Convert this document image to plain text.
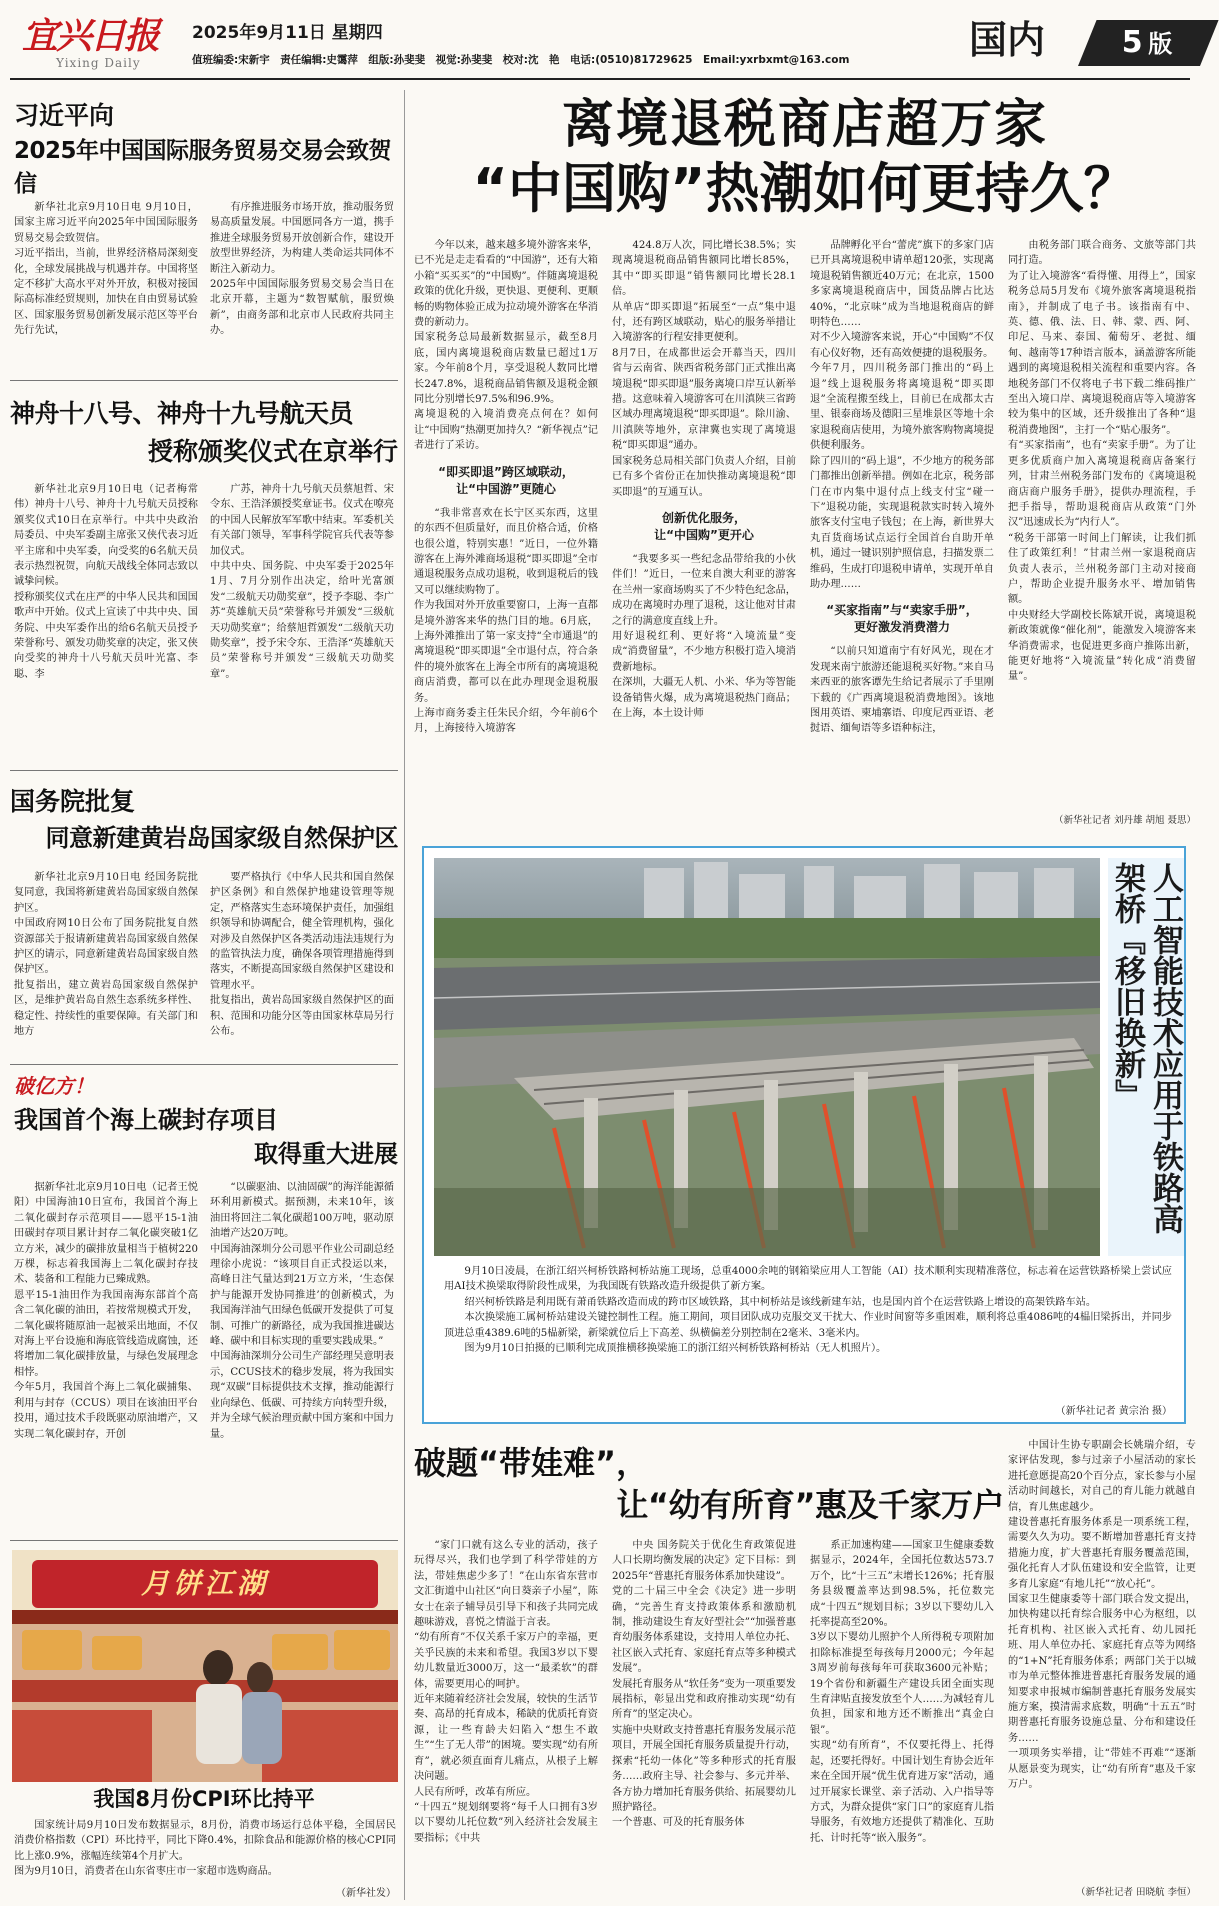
宜兴日报
Yixing Daily
2025年9月11日 星期四
值班编委:宋新宇　责任编辑:史霭萍　组版:孙斐斐　视觉:孙斐斐　校对:沈　艳　电话:(0510)81729625　Email:yxrbxmt@163.com	国内	5 版
习近平向
2025年中国国际服务贸易交易会致贺信

新华社北京9月10日电 9月10日，国家主席习近平向2025年中国国际服务贸易交易会致贺信。
习近平指出，当前，世界经济格局深刻变化，全球发展挑战与机遇并存。中国将坚定不移扩大高水平对外开放，积极对接国际高标准经贸规则，加快在自由贸易试验区、国家服务贸易创新发展示范区等平台先行先试，

有序推进服务市场开放，推动服务贸易高质量发展。中国愿同各方一道，携手推进全球服务贸易开放创新合作，建设开放型世界经济，为构建人类命运共同体不断注入新动力。
2025年中国国际服务贸易交易会当日在北京开幕，主题为“数智赋航，服贸焕新”，由商务部和北京市人民政府共同主办。

神舟十八号、神舟十九号航天员
授称颁奖仪式在京举行

新华社北京9月10日电（记者梅常伟）神舟十八号、神舟十九号航天员授称颁奖仪式10日在京举行。中共中央政治局委员、中央军委副主席张又侠代表习近平主席和中央军委，向受奖的6名航天员表示热烈祝贺，向航天战线全体同志致以诚挚问候。
授称颁奖仪式在庄严的中华人民共和国国歌声中开始。仪式上宣读了中共中央、国务院、中央军委作出的给6名航天员授予荣誉称号、颁发功勋奖章的决定，张又侠向受奖的神舟十八号航天员叶光富、李聪、李

广苏，神舟十九号航天员蔡旭哲、宋令东、王浩泽颁授奖章证书。仪式在嘹亮的中国人民解放军军歌中结束。军委机关有关部门领导，军事科学院官兵代表等参加仪式。
中共中央、国务院、中央军委于2025年1月、7月分别作出决定，给叶光富颁发“二级航天功勋奖章”，授予李聪、李广苏“英雄航天员”荣誉称号并颁发“三级航天功勋奖章”；给蔡旭哲颁发“二级航天功勋奖章”，授予宋令东、王浩泽“英雄航天员”荣誉称号并颁发“三级航天功勋奖章”。

国务院批复
同意新建黄岩岛国家级自然保护区

新华社北京9月10日电 经国务院批复同意，我国将新建黄岩岛国家级自然保护区。
中国政府网10日公布了国务院批复自然资源部关于报请新建黄岩岛国家级自然保护区的请示，同意新建黄岩岛国家级自然保护区。
批复指出，建立黄岩岛国家级自然保护区，是维护黄岩岛自然生态系统多样性、稳定性、持续性的重要保障。有关部门和地方

要严格执行《中华人民共和国自然保护区条例》和自然保护地建设管理等规定，严格落实生态环境保护责任，加强组织领导和协调配合，健全管理机构，强化对涉及自然保护区各类活动违法违规行为的监管执法力度，确保各项管理措施得到落实，不断提高国家级自然保护区建设和管理水平。
批复指出，黄岩岛国家级自然保护区的面积、范围和功能分区等由国家林草局另行公布。

破亿方！
我国首个海上碳封存项目
取得重大进展

据新华社北京9月10日电（记者王悦阳）中国海油10日宣布，我国首个海上二氧化碳封存示范项目——恩平15-1油田碳封存项目累计封存二氧化碳突破1亿立方米，减少的碳排放量相当于植树220万棵，标志着我国海上二氧化碳封存技术、装备和工程能力已臻成熟。
恩平15-1油田作为我国南海东部首个高含二氧化碳的油田，若按常规模式开发，二氧化碳将随原油一起被采出地面，不仅对海上平台设施和海底管线造成腐蚀，还将增加二氧化碳排放量，与绿色发展理念相悖。
今年5月，我国首个海上二氧化碳捕集、利用与封存（CCUS）项目在该油田平台投用，通过技术手段既驱动原油增产，又实现二氧化碳封存，开创

“以碳驱油、以油固碳”的海洋能源循环利用新模式。据预测，未来10年，该油田将回注二氧化碳超100万吨，驱动原油增产达20万吨。
中国海油深圳分公司恩平作业公司副总经理徐小虎说：“该项目自正式投运以来，高峰日注气量达到21万立方米，‘生态保护与能源开发协同推进’的创新模式，为我国海洋油气田绿色低碳开发提供了可复制、可推广的新路径，成为我国推进碳达峰、碳中和目标实现的重要实践成果。”
中国海油深圳分公司生产部经理吴意明表示，CCUS技术的稳步发展，将为我国实现“双碳”目标提供技术支撑，推动能源行业向绿色、低碳、可持续方向转型升级，并为全球气候治理贡献中国方案和中国力量。

月饼江湖
我国8月份CPI环比持平

国家统计局9月10日发布数据显示，8月份，消费市场运行总体平稳，全国居民消费价格指数（CPI）环比持平，同比下降0.4%，扣除食品和能源价格的核心CPI同比上涨0.9%，涨幅连续第4个月扩大。
图为9月10日，消费者在山东省枣庄市一家超市选购商品。

（新华社发）
离境退税商店超万家
“中国购”热潮如何更持久？

今年以来，越来越多境外游客来华，已不光是走走看看的“中国游”，还有大箱小箱“买买买”的“中国购”。伴随离境退税政策的优化升级，更快退、更便利、更顺畅的购物体验正成为拉动境外游客在华消费的新动力。
国家税务总局最新数据显示，截至8月底，国内离境退税商店数量已超过1万家。今年前8个月，享受退税人数同比增长247.8%，退税商品销售额及退税金额同比分别增长97.5%和96.9%。
离境退税的入境消费亮点何在？如何让“中国购”热潮更加持久？“新华视点”记者进行了采访。

“即买即退”跨区域联动，
让“中国游”更随心

“我非常喜欢在长宁区买东西，这里的东西不但质量好，而且价格合适，价格也很公道，特别实惠！”近日，一位外籍游客在上海外滩商场退税“即买即退”全市通退税服务点成功退税，收到退税后的钱又可以继续购物了。
作为我国对外开放重要窗口，上海一直都是境外游客来华的热门目的地。6月底，上海外滩推出了第一家支持“全市通退”的离境退税“即买即退”全市退付点，符合条件的境外旅客在上海全市所有的离境退税商店消费，都可以在此办理现金退税服务。
上海市商务委主任朱民介绍，今年前6个月，上海接待入境游客

424.8万人次，同比增长38.5%；实现离境退税商品销售额同比增长85%，其中“即买即退”销售额同比增长28.1倍。
从单店“即买即退”拓展至“一点”集中退付，还有跨区域联动，贴心的服务举措让入境游客的行程安排更便利。
8月7日，在成都世运会开幕当天，四川省与云南省、陕西省税务部门正式推出离境退税“即买即退”服务离境口岸互认新举措。这意味着入境游客可在川滇陕三省跨区域办理离境退税“即买即退”。除川渝、川滇陕等地外，京津冀也实现了离境退税“即买即退”通办。
国家税务总局相关部门负责人介绍，目前已有多个省份正在加快推动离境退税“即买即退”的互通互认。

创新优化服务，
让“中国购”更开心

“我要多买一些纪念品带给我的小伙伴们！”近日，一位来自澳大利亚的游客在兰州一家商场购买了不少特色纪念品，成功在离境时办理了退税，这让他对甘肃之行的满意度直线上升。
用好退税红利、更好将“入境流量”变成“消费留量”，不少地方积极打造入境消费新地标。
在深圳，大疆无人机、小米、华为等智能设备销售火爆，成为离境退税热门商品；在上海，本土设计师

品牌孵化平台“蕾虎”旗下的多家门店已开具离境退税申请单超120张，实现离境退税销售额近40万元；在北京，1500多家离境退税商店中，国货品牌占比达40%，“北京味”成为当地退税商店的鲜明特色……
对不少入境游客来说，开心“中国购”不仅有心仪好物，还有高效便捷的退税服务。
今年7月，四川税务部门推出的“码上退”线上退税服务将离境退税“即买即退”全流程搬至线上，目前已在成都太古里、银泰商场及德阳三星堆景区等地十余家退税商店使用，为境外旅客购物离境提供便利服务。
除了四川的“码上退”，不少地方的税务部门都推出创新举措。例如在北京，税务部门在市内集中退付点上线支付宝“碰一下”退税功能，实现退税款实时转入境外旅客支付宝电子钱包；在上海，新世界大丸百货商场试点运行全国首台自助开单机，通过一键识别护照信息，扫描发票二维码，生成打印退税申请单，实现开单自助办理……

“买家指南”与“卖家手册”，
更好激发消费潜力

“以前只知道南宁有好风光，现在才发现来南宁旅游还能退税买好物。”来自马来西亚的旅客谭先生给记者展示了手里刚下载的《广西离境退税消费地图》。该地图用英语、柬埔寨语、印度尼西亚语、老挝语、缅甸语等多语种标注，

由税务部门联合商务、文旅等部门共同打造。
为了让入境游客“看得懂、用得上”，国家税务总局5月发布《境外旅客离境退税指南》，并制成了电子书。该指南有中、英、德、俄、法、日、韩、蒙、西、阿、印尼、马来、泰国、葡萄牙、老挝、缅甸、越南等17种语言版本，涵盖游客所能遇到的离境退税相关流程和重要内容。各地税务部门不仅将电子书下载二维码推广至出入境口岸、离境退税商店等入境游客较为集中的区域，还升级推出了各种“退税消费地图”，主打一个“贴心服务”。
有“买家指南”，也有“卖家手册”。为了让更多优质商户加入离境退税商店备案行列，甘肃兰州税务部门发布的《离境退税商店商户服务手册》，提供办理流程，手把手指导，帮助退税商店从政策“门外汉”迅速成长为“内行人”。
“税务干部第一时间上门解读，让我们抓住了政策红利！”甘肃兰州一家退税商店负责人表示，兰州税务部门主动对接商户，帮助企业提升服务水平、增加销售额。
中央财经大学副校长陈斌开说，离境退税新政策就像“催化剂”，能激发入境游客来华消费需求，也促进更多商户推陈出新，能更好地将“入境流量”转化成“消费留量”。

（新华社记者 刘丹雄 胡旭 聂思）
人工智能技术应用于铁路高架桥『移旧换新』

9月10日凌晨，在浙江绍兴柯桥铁路柯桥站施工现场，总重4000余吨的钢箱梁应用人工智能（AI）技术顺利实现精准落位，标志着在运营铁路桥梁上尝试应用AI技术换梁取得阶段性成果，为我国既有铁路改造升级提供了新方案。

绍兴柯桥铁路是利用既有萧甬铁路改造而成的跨市区域铁路，其中柯桥站是该线新建车站，也是国内首个在运营铁路上增设的高架铁路车站。

本次换梁施工属柯桥站建设关键控制性工程。施工期间，项目团队成功克服交叉干扰大、作业时间窗等多重困难，顺利将总重4086吨的4榀旧梁拆出，并同步顶进总重4389.6吨的5榀新梁，新梁就位后上下高差、纵横偏差分别控制在2毫米、3毫米内。

图为9月10日拍摄的已顺利完成顶推横移换梁施工的浙江绍兴柯桥铁路柯桥站（无人机照片）。

（新华社记者 黄宗治 摄）
破题“带娃难”，
让“幼有所育”惠及千家万户

“家门口就有这么专业的活动，孩子玩得尽兴，我们也学到了科学带娃的方法，带娃焦虑少多了！”在山东省东营市文汇街道中山社区“向日葵亲子小屋”，陈女士在亲子辅导员引导下和孩子共同完成趣味游戏，喜悦之情溢于言表。
“幼有所育”不仅关系千家万户的幸福，更关乎民族的未来和希望。我国3岁以下婴幼儿数量近3000万，这一“最柔软”的群体，需要更用心的呵护。
近年来随着经济社会发展，较快的生活节奏、高昂的托育成本，稀缺的优质托育资源，让一些育龄夫妇陷入“想生不敢生”“生了无人带”的困境。要实现“幼有所育”，就必须直面育儿痛点，从根子上解决问题。
人民有所呼，改革有所应。
“十四五”规划纲要将“每千人口拥有3岁以下婴幼儿托位数”列入经济社会发展主要指标；《中共

中央 国务院关于优化生育政策促进人口长期均衡发展的决定》定下目标：到2025年“普惠托育服务体系加快建设”。
党的二十届三中全会《决定》进一步明确，“完善生育支持政策体系和激励机制，推动建设生育友好型社会”“加强普惠育幼服务体系建设，支持用人单位办托、社区嵌入式托育、家庭托育点等多种模式发展”。
发展托育服务从“软任务”变为一项重要发展指标，彰显出党和政府推动实现“幼有所育”的坚定决心。
实施中央财政支持普惠托育服务发展示范项目，开展全国托育服务质量提升行动，探索“托幼一体化”等多种形式的托育服务……政府主导、社会参与、多元并举、各方协力增加托育服务供给、拓展婴幼儿照护路径。
一个普惠、可及的托育服务体

系正加速构建——国家卫生健康委数据显示，2024年，全国托位数达573.7万个，比“十三五”末增长126%；托育服务县级覆盖率达到98.5%，托位数完成“十四五”规划目标；3岁以下婴幼儿入托率提高至20%。
3岁以下婴幼儿照护个人所得税专项附加扣除标准提至每孩每月2000元；今年起3周岁前每孩每年可获取3600元补贴；19个省份和新疆生产建设兵团全面实现生育津贴直接发放至个人……为减轻育儿负担，国家和地方还不断推出“真金白银”。
实现“幼有所育”，不仅要托得上、托得起，还要托得好。中国计划生育协会近年来在全国开展“优生优育进万家”活动，通过开展家长课堂、亲子活动、入户指导等方式，为群众提供“家门口”的家庭育儿指导服务，有效地方还提供了精准化、互助托、计时托等“嵌入服务”。

中国计生协专职副会长姚瑞介绍，专家评估发现，参与过亲子小屋活动的家长进托意愿提高20个百分点，家长参与小屋活动时间越长，对自己的育儿能力就越自信，育儿焦虑越少。
建设普惠托育服务体系是一项系统工程，需要久久为功。要不断增加普惠托育支持措施力度，扩大普惠托育服务覆盖范围，强化托育人才队伍建设和安全监管，让更多育儿家庭“有地儿托”“放心托”。
国家卫生健康委等十部门联合发文提出，加快构建以托育综合服务中心为枢纽，以托育机构、社区嵌入式托育、幼儿园托班、用人单位办托、家庭托育点等为网络的“1+N”托育服务体系；两部门关于以城市为单元整体推进普惠托育服务发展的通知要求申报城市编制普惠托育服务发展实施方案，摸清需求底数，明确“十五五”时期普惠托育服务设施总量、分布和建设任务……
一项项务实举措，让“带娃不再难”“逐渐从愿景变为现实，让“幼有所育”惠及千家万户。

（新华社记者 田晓航 李恒）
